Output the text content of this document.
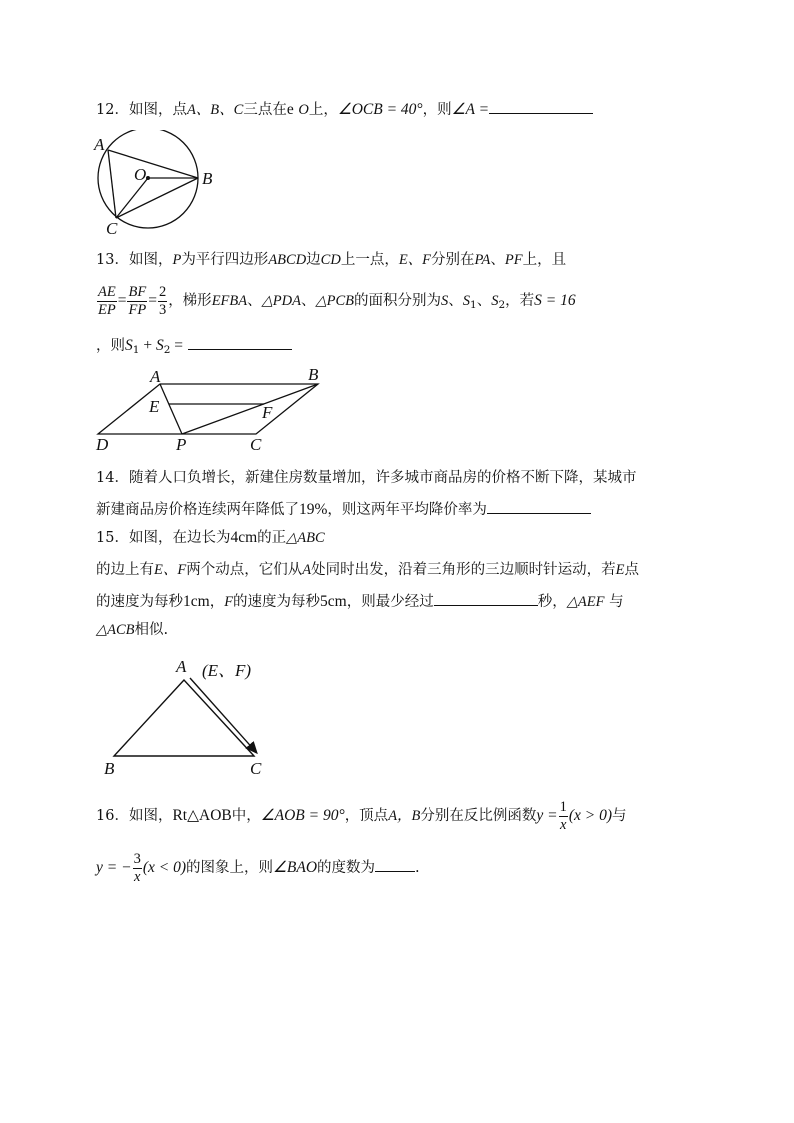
12．如图，点A、B、C三点在e O上，∠OCB = 40°，则∠A =
A
O	B
C
13．如图，P为平行四边形ABCD边CD上一点，E、F分别在PA、PF上，且
$\frac{AE}{EP} = \frac{BF}{FP} = \frac{2}{3}$ ，梯形EFBA、△PDA、△PCB的面积分别为S、$S_1$、$S_2$，若S = 16
，则$S_1 + S_2$ =
A	B
E	F
D	P	C
14．随着人口负增长，新建住房数量增加，许多城市商品房的价格不断下降，某城市
新建商品房价格连续两年降低了19%，则这两年平均降价率为
15．如图，在边长为4cm的正△ABC
的边上有E、F两个动点，它们从A处同时出发，沿着三角形的三边顺时针运动，若E点
的速度为每秒1cm，F的速度为每秒5cm，则最少经过	秒，△AEF 与
△ACB相似.
A (E、F)
B	C
16．如图，Rt△AOB中，∠AOB = 90°，顶点A，B分别在反比例函数$y = \frac{1}{x} (x > 0)$与
y = − $\frac{3}{x} (x < 0)$的图象上，则∠BAO的度数为	.
